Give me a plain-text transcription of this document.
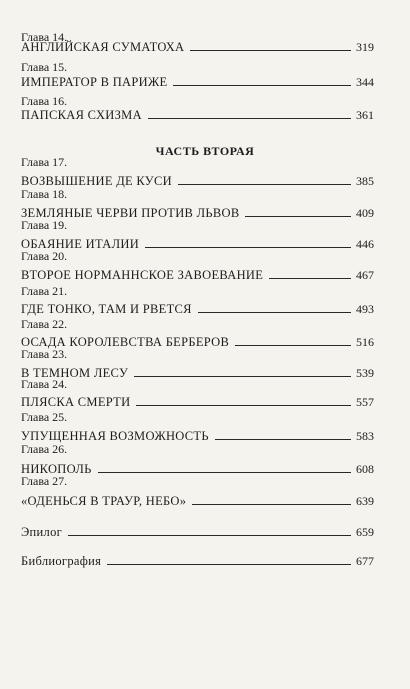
ЧАСТЬ ВТОРАЯ
Глава 14.
АНГЛИЙСКАЯ СУМАТОХА	319
Глава 15.
ИМПЕРАТОР В ПАРИЖЕ	344
Глава 16.
ПАПСКАЯ СХИЗМА	361
Глава 17.
ВОЗВЫШЕНИЕ ДЕ КУСИ	385
Глава 18.
ЗЕМЛЯНЫЕ ЧЕРВИ ПРОТИВ ЛЬВОВ	409
Глава 19.
ОБАЯНИЕ ИТАЛИИ	446
Глава 20.
ВТОРОЕ НОРМАННСКОЕ ЗАВОЕВАНИЕ	467
Глава 21.
ГДЕ ТОНКО, ТАМ И РВЕТСЯ	493
Глава 22.
ОСАДА КОРОЛЕВСТВА БЕРБЕРОВ	516
Глава 23.
В ТЕМНОМ ЛЕСУ	539
Глава 24.
ПЛЯСКА СМЕРТИ	557
Глава 25.
УПУЩЕННАЯ ВОЗМОЖНОСТЬ	583
Глава 26.
НИКОПОЛЬ	608
Глава 27.
«ОДЕНЬСЯ В ТРАУР, НЕБО»	639
Эпилог	659
Библиография	677
